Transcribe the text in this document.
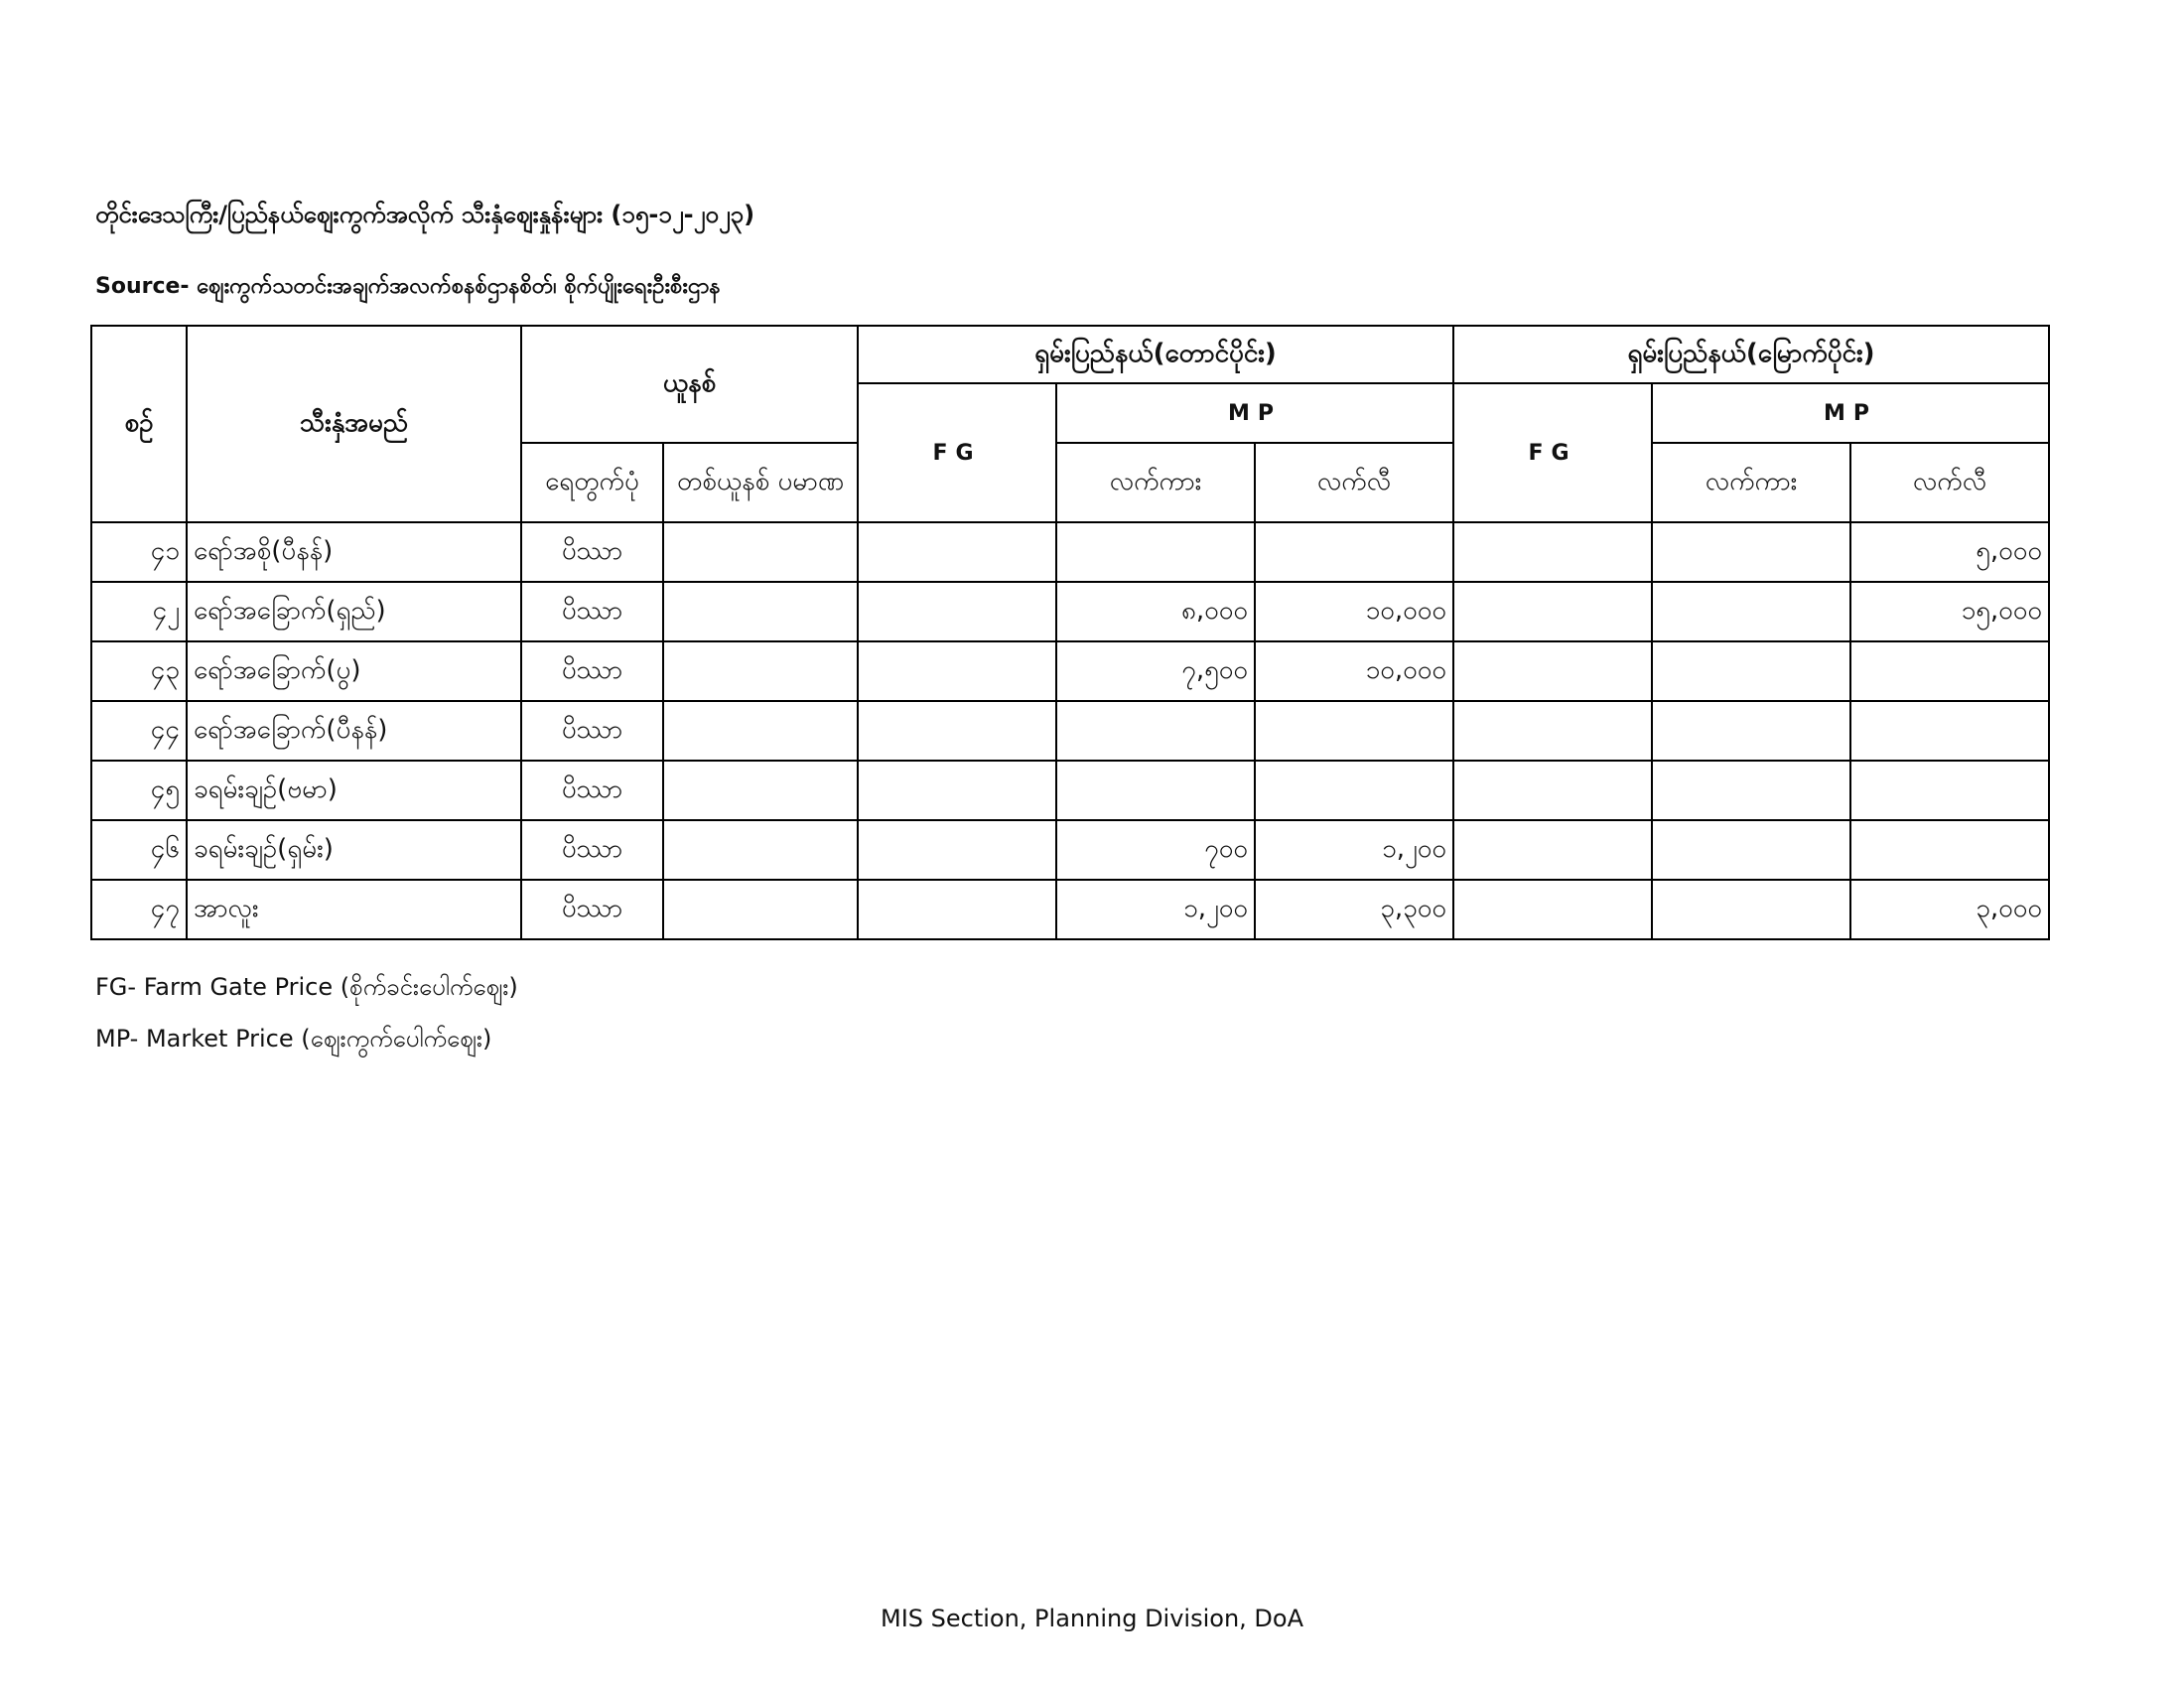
တိုင်းဒေသကြီး/ပြည်နယ်ဈေးကွက်အလိုက် သီးနှံဈေးနှုန်းများ (၁၅-၁၂-၂၀၂၃)
Source- ဈေးကွက်သတင်းအချက်အလက်စနစ်ဌာနစိတ်၊ စိုက်ပျိုးရေးဦးစီးဌာန
စဉ်	သီးနှံအမည်	ယူနစ်		ရှမ်းပြည်နယ်(တောင်ပိုင်း)			ရှမ်းပြည်နယ်(မြောက်ပိုင်း)		
				FG	MP		FG	MP	
		ရေတွက်ပုံ	တစ်ယူနစ် ပမာဏ		လက်ကား	လက်လီ		လက်ကား	လက်လီ
၄၁	ရော်အစို(ပီနန်)	ပိဿာ							၅,၀၀၀
၄၂	ရော်အခြောက်(ရှည်)	ပိဿာ			၈,၀၀၀	၁၀,၀၀၀			၁၅,၀၀၀
၄၃	ရော်အခြောက်(ပွ)	ပိဿာ			၇,၅၀၀	၁၀,၀၀၀			
၄၄	ရော်အခြောက်(ပီနန်)	ပိဿာ							
၄၅	ခရမ်းချဉ်(ဗမာ)	ပိဿာ							
၄၆	ခရမ်းချဉ်(ရှမ်း)	ပိဿာ			၇၀၀	၁,၂၀၀			
၄၇	အာလူး	ပိဿာ			၁,၂၀၀	၃,၃၀၀			၃,၀၀၀
FG- Farm Gate Price (စိုက်ခင်းပေါက်ဈေး)
MP- Market Price (ဈေးကွက်ပေါက်ဈေး)
MIS Section, Planning Division, DoA
